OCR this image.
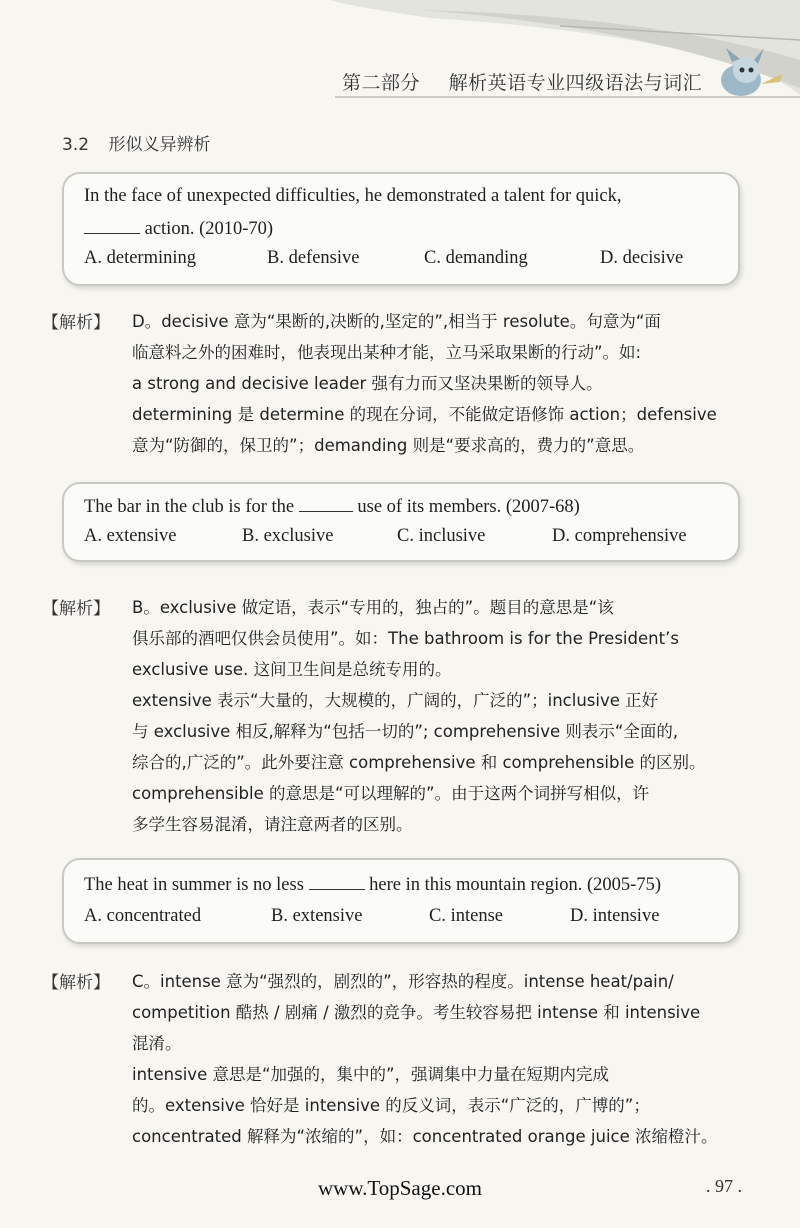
第二部分 解析英语专业四级语法与词汇
3.2 形似义异辨析
In the face of unexpected difficulties, he demonstrated a talent for quick,
action. (2010-70)
A. determining	B. defensive	C. demanding	D. decisive
【解析】 D。decisive 意为“果断的,决断的,坚定的”,相当于 resolute。句意为“面
临意料之外的困难时，他表现出某种才能，立马采取果断的行动”。如:
a strong and decisive leader 强有力而又坚决果断的领导人。
determining 是 determine 的现在分词，不能做定语修饰 action；defensive
意为“防御的，保卫的”；demanding 则是“要求高的，费力的”意思。
The bar in the club is for the	use of its members. (2007-68)
A. extensive	B. exclusive	C. inclusive	D. comprehensive
【解析】 B。exclusive 做定语，表示“专用的，独占的”。题目的意思是“该
俱乐部的酒吧仅供会员使用”。如：The bathroom is for the President’s
exclusive use. 这间卫生间是总统专用的。
extensive 表示“大量的，大规模的，广阔的，广泛的”；inclusive 正好
与 exclusive 相反,解释为“包括一切的”; comprehensive 则表示“全面的,
综合的,广泛的”。此外要注意 comprehensive 和 comprehensible 的区别。
comprehensible 的意思是“可以理解的”。由于这两个词拼写相似，许
多学生容易混淆，请注意两者的区别。
The heat in summer is no less	here in this mountain region. (2005-75)
A. concentrated	B. extensive	C. intense	D. intensive
【解析】 C。intense 意为“强烈的，剧烈的”，形容热的程度。intense heat/pain/
competition 酷热 / 剧痛 / 激烈的竞争。考生较容易把 intense 和 intensive
混淆。
intensive 意思是“加强的，集中的”，强调集中力量在短期内完成
的。extensive 恰好是 intensive 的反义词，表示“广泛的，广博的”；
concentrated 解释为“浓缩的”，如：concentrated orange juice 浓缩橙汁。
www.TopSage.com	. 97 .
